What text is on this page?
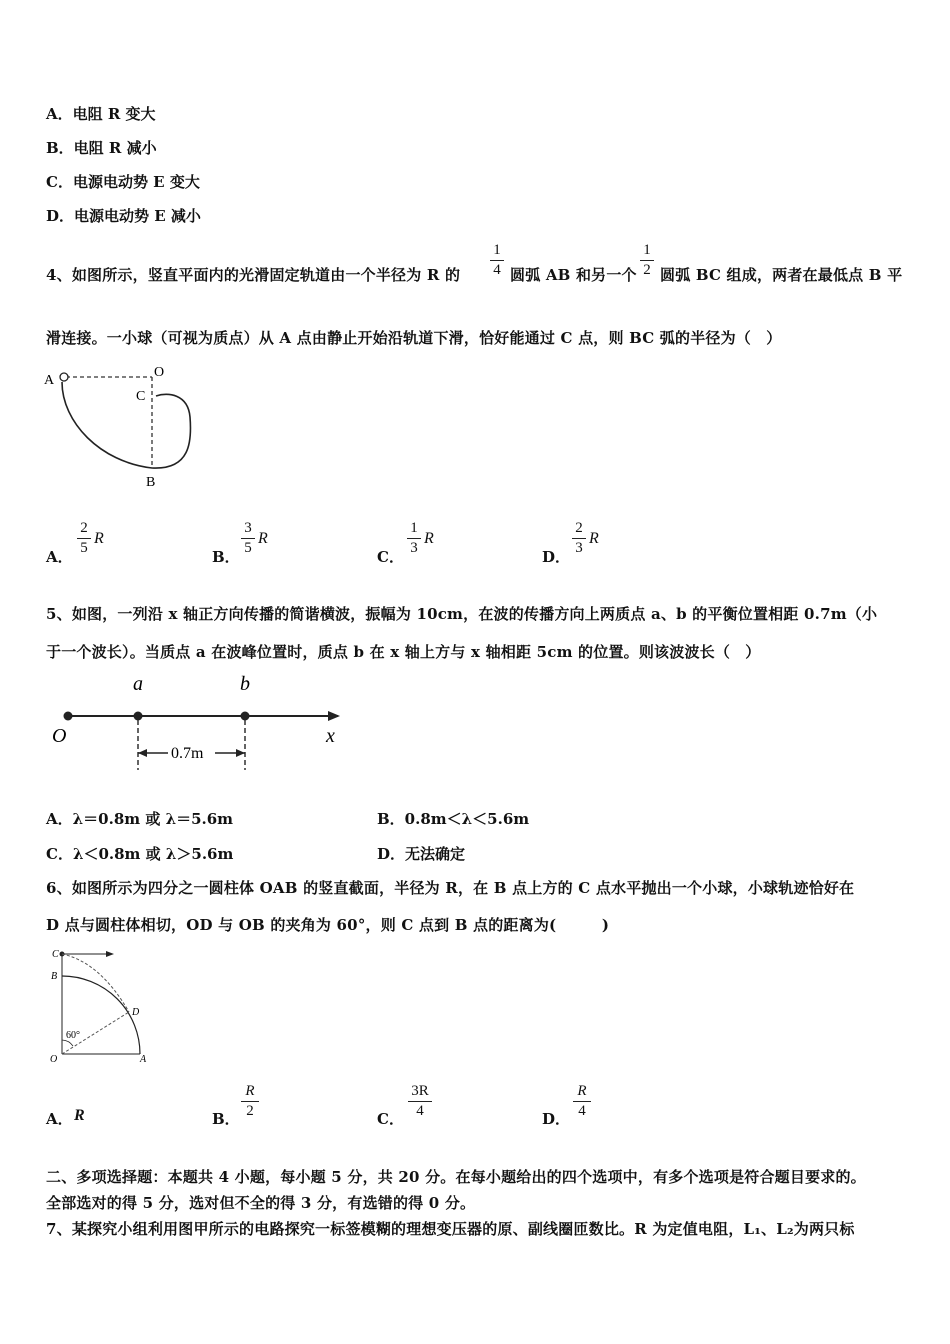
A．电阻 R 变大
B．电阻 R 减小
C．电源电动势 E 变大
D．电源电动势 E 减小
4、如图所示，竖直平面内的光滑固定轨道由一个半径为 R 的
1
4 圆弧 AB 和另一个
1
2 圆弧 BC 组成，两者在最低点 B 平
滑连接。一小球（可视为质点）从 A 点由静止开始沿轨道下滑，恰好能通过 C 点，则 BC 弧的半径为（　）
A
O
C
B
A．
2
5
R
B．
3
5
R
C．
1
3
R
D．
2
3
R
5、如图，一列沿 x 轴正方向传播的简谐横波，振幅为 10cm，在波的传播方向上两质点 a、b 的平衡位置相距 0.7m（小
于一个波长）。当质点 a 在波峰位置时，质点 b 在 x 轴上方与 x 轴相距 5cm 的位置。则该波波长（　）
0.7m
a	b
O	x
A．λ＝0.8m 或 λ＝5.6m	B．0.8m＜λ＜5.6m
C．λ＜0.8m 或 λ＞5.6m	D．无法确定
6、如图所示为四分之一圆柱体 OAB 的竖直截面，半径为 R，在 B 点上方的 C 点水平抛出一个小球，小球轨迹恰好在
D 点与圆柱体相切，OD 与 OB 的夹角为 60°，则 C 点到 B 点的距离为(　　　)
C
B
D
60°
O	A
A． R	B．
R
2	C．
3R
4	D．
R
4
二、多项选择题：本题共 4 小题，每小题 5 分，共 20 分。在每小题给出的四个选项中，有多个选项是符合题目要求的。
全部选对的得 5 分，选对但不全的得 3 分，有选错的得 0 分。
7、某探究小组利用图甲所示的电路探究一标签模糊的理想变压器的原、副线圈匝数比。R 为定值电阻，L₁、L₂为两只标
